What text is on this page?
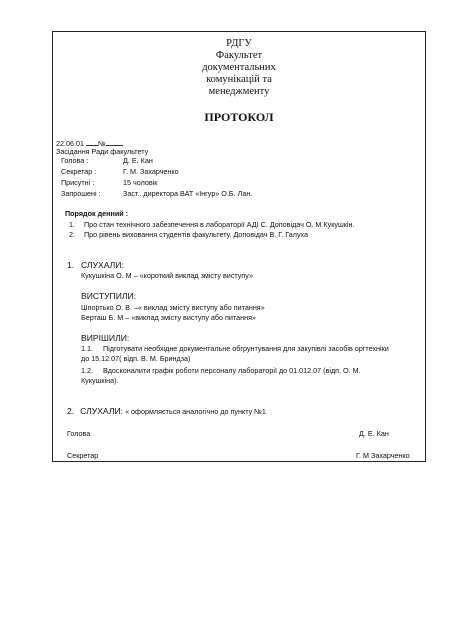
РДГУ
Факультет
документальних
комунікацій та
менеджменту
ПРОТОКОЛ
22.06.01 №
Засідання Ради факультету
Голова :	Д. Е. Кан
Секретар :	Г. М. Захарченко
Присутні :	15 чоловік
Запрошені :	Заст.. директора ВАТ «Інгур» О.Б. Лан.
Порядок денний :
1. Про стан технічного забезпечення в лабораторії АДІ С. Доповідач О. М Кукушкін.
2. Про рівень виховання студентів факультету. Доповідач В. Г. Галуха
1. СЛУХАЛИ:
Кукушкіна О. М – «короткий виклад змісту виступу»
ВИСТУПИЛИ:
Шпортько О. В. –« виклад змісту виступу або питання»
Берташ Б. М – «виклад змісту виступу або питання»
ВИРІШИЛИ:
1.1. Підготувати необхідне документальне обгрунтування для закупівлі засобів оргтехніки
до 15.12.07( відп. В. М. Бриндза)
1.2. Вдосконалити графік роботи персоналу лабораторії до 01.012.07 (відп. О. М.
Кукушкіна).
2. СЛУХАЛИ: « оформляється аналогічно до пункту №1
Голова	Д. Е. Кан
Секретар	Г. М Захарченко
